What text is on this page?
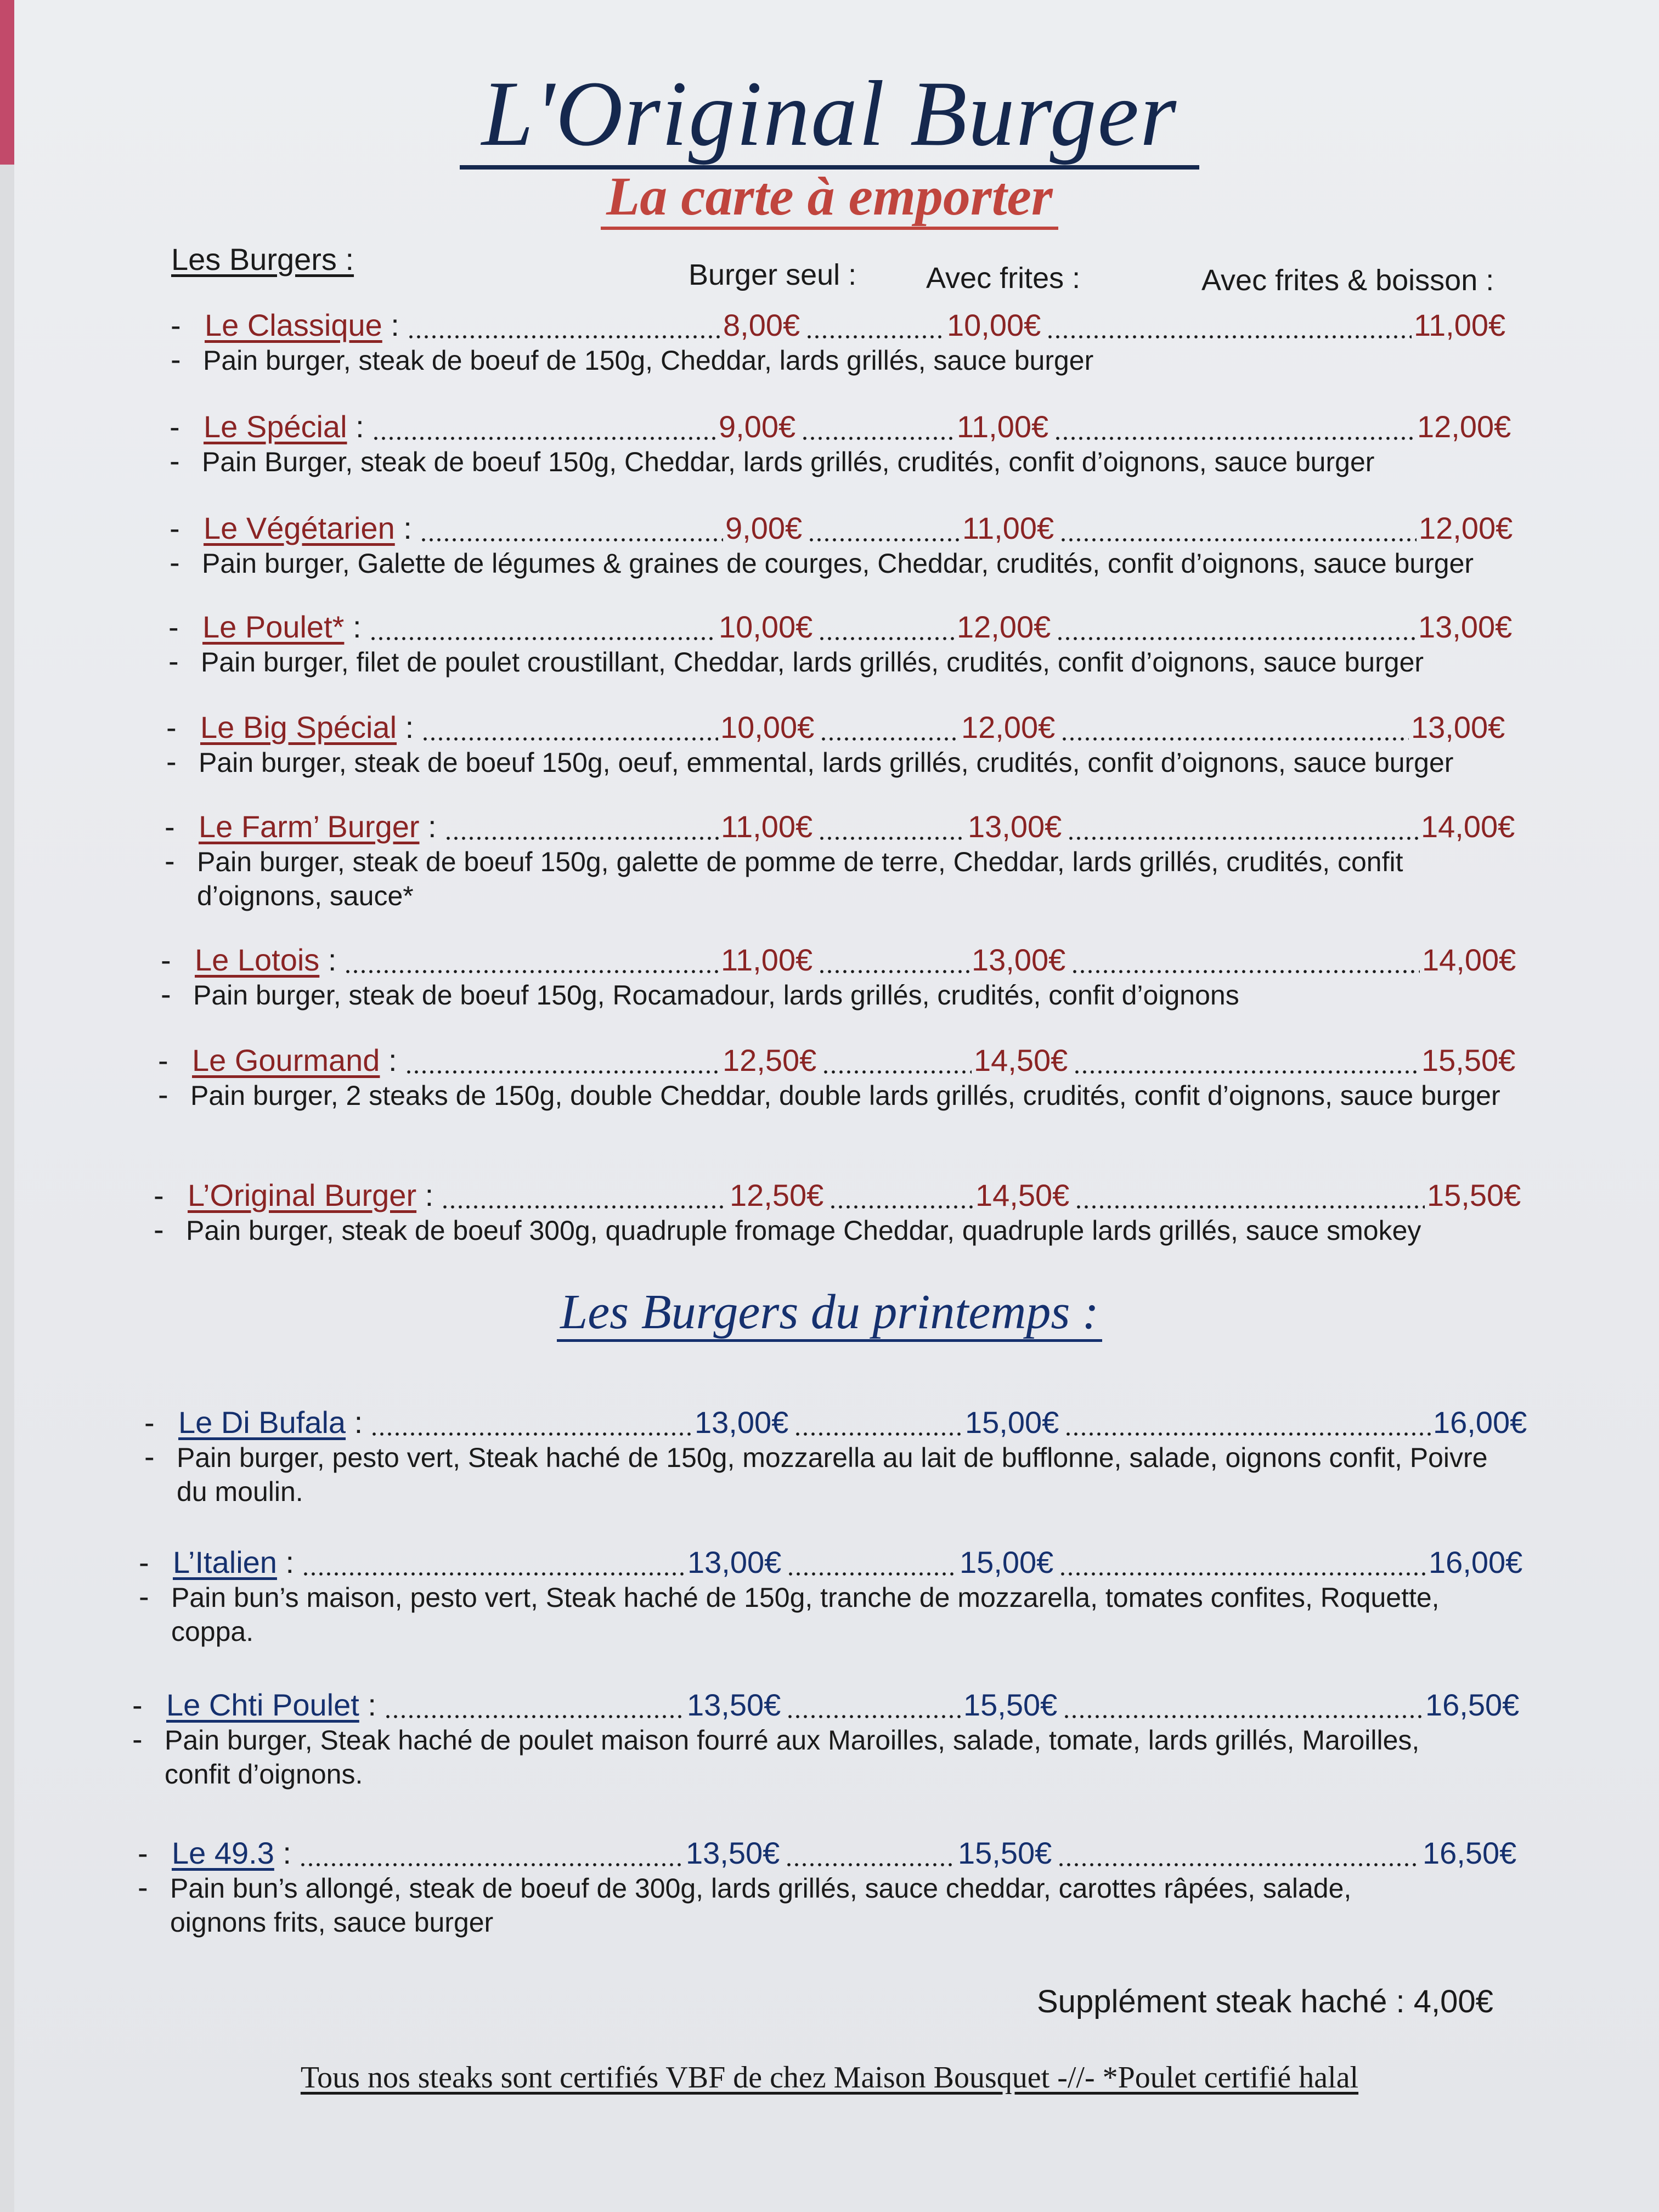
L'Original Burger
La carte à emporter
Les Burgers :	Burger seul : Avec frites :	Avec frites & boisson :
- Le Classique :	8,00€	10,00€	11,00€
- Pain burger, steak de boeuf de 150g, Cheddar, lards grillés, sauce burger
- Le Spécial :	9,00€	11,00€	12,00€
- Pain Burger, steak de boeuf 150g, Cheddar, lards grillés, crudités, confit d’oignons, sauce burger
- Le Végétarien :	9,00€	11,00€	12,00€
- Pain burger, Galette de légumes & graines de courges, Cheddar, crudités, confit d’oignons, sauce burger
- Le Poulet* :	10,00€	12,00€	13,00€
- Pain burger, filet de poulet croustillant, Cheddar, lards grillés, crudités, confit d’oignons, sauce burger
- Le Big Spécial :	10,00€	12,00€	13,00€
- Pain burger, steak de boeuf 150g, oeuf, emmental, lards grillés, crudités, confit d’oignons, sauce burger
- Le Farm’ Burger :	11,00€	13,00€	14,00€
- Pain burger, steak de boeuf 150g, galette de pomme de terre, Cheddar, lards grillés, crudités, confit d’oignons, sauce*
- Le Lotois :	11,00€	13,00€	14,00€
- Pain burger, steak de boeuf 150g, Rocamadour, lards grillés, crudités, confit d’oignons
- Le Gourmand :	12,50€	14,50€	15,50€
- Pain burger, 2 steaks de 150g, double Cheddar, double lards grillés, crudités, confit d’oignons, sauce burger
- L’Original Burger :	12,50€	14,50€	15,50€
- Pain burger, steak de boeuf 300g, quadruple fromage Cheddar, quadruple lards grillés, sauce smokey
Les Burgers du printemps :
- Le Di Bufala :	13,00€	15,00€	16,00€
- Pain burger, pesto vert, Steak haché de 150g, mozzarella au lait de bufflonne, salade, oignons confit, Poivre du moulin.
- L’Italien :	13,00€	15,00€	16,00€
- Pain bun’s maison, pesto vert, Steak haché de 150g, tranche de mozzarella, tomates confites, Roquette, coppa.
- Le Chti Poulet :	13,50€	15,50€	16,50€
- Pain burger, Steak haché de poulet maison fourré aux Maroilles, salade, tomate, lards grillés, Maroilles, confit d’oignons.
- Le 49.3 :	13,50€	15,50€	16,50€
- Pain bun’s allongé, steak de boeuf de 300g, lards grillés, sauce cheddar, carottes râpées, salade, oignons frits, sauce burger
Supplément steak haché : 4,00€
Tous nos steaks sont certifiés VBF de chez Maison Bousquet -//- *Poulet certifié halal
